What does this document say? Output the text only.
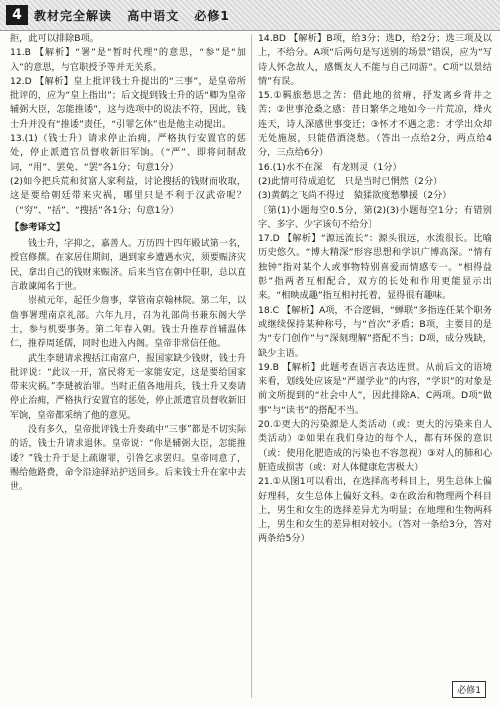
4	教材完全解读 高中语文 必修1

拒，此可以排除B项。

11.B 【解析】“署”是“暂时代理”的意思，“参”是“加入”的意思，与官职授予等并无关系。

12.D 【解析】皇上批评钱士升提出的“三事”，是皇帝所批评的，应为“皇上指出”；后文提到钱士升的话“卿为皇帝辅弼大臣，怎能推诿”，这与选项中的说法不符，因此，钱士升并没有“推诿”责任，“引罪乞休”也是他主动提出。

13.(1)（钱士升）请求停止治痈，严格执行安置官的惩处，停止派遣官员督收新旧军饷。（“严”、即将问制敌词，“用”、罢免、“罢”各1分；句意1分）

(2)如今把兵荒和贫富人家利益，讨论搜括的钱财而收取，这是要给朝廷带来灾祸，哪里只是不利于汉武帝呢？（“穷”、“括”、“搜括”各1分；句意1分）

【参考译文】

钱士升，字抑之，嘉善人。万历四十四年殿试第一名，授官修撰。在家居住期间，遇到家乡遭遇水灾，须要赈济灾民，拿出自己的钱财来赈济。后来当官在朝中任职，总以直言敢谏闻名于世。

崇祯元年，起任少詹事，掌管南京翰林院。第二年，以詹事署理南京礼部。六年九月，召为礼部尚书兼东阁大学士，参与机要事务。第二年春入朝。钱士升推荐首辅温体仁，推荐周延儒，同时也进入内阁。皇帝非常信任他。

武生李琎请求搜括江南富户，报国家缺少钱财，钱士升批评说：“此议一开，富民将无一家能安定，这是要给国家带来灾祸。”李琎被治罪。当时正值各地用兵，钱士升又奏请停止治痈，严格执行安置官的惩处，停止派遣官员督收新旧军饷，皇帝都采纳了他的意见。

没有多久，皇帝批评钱士升奏疏中“三事”都是不切实际的话，钱士升请求退休。皇帝说：“你是辅弼大臣，怎能推诿？”钱士升于是上疏谢罪，引咎乞求罢归。皇帝同意了，赐给他路费，命令沿途驿站护送回乡。后来钱士升在家中去世。

14.BD 【解析】B项，给3分；选D，给2分；选三项及以上，不给分。A项“后两句是写送别的场景”错误，应为“写诗人怀念故人，感慨友人不能与自己同游”。C项“以景结情”有误。

15.①羁旅愁思之苦：借此地的贫瘠，抒发离乡背井之苦；②世事沧桑之感：昔日繁华之地如今一片荒凉，烽火连天，诗人深感世事变迁；③怀才不遇之悲：才学出众却无处施展，只能借酒浇愁。（答出一点给2分，两点给4分，三点给6分）

16.(1)水不在深　有龙则灵（1分）

(2)此情可待成追忆　只是当时已惘然（2分）

(3)黄鹤之飞尚不得过　猿猱欲度愁攀援（2分）

〔第(1)小题每空0.5分，第(2)(3)小题每空1分；有错别字、多字、少字该句不给分〕

17.D 【解析】“源远流长”：源头很远，水流很长。比喻历史悠久。“博大精深”形容思想和学识广博高深。“情有独钟”指对某个人或事物特别喜爱而情感专一。“相得益彰”指两者互相配合，双方的长处和作用更能显示出来。“相映成趣”指互相衬托着，显得很有趣味。

18.C 【解析】A项，不合逻辑，“蝉联”多指连任某个职务或继续保持某种称号，与“首次”矛盾；B项，主要目的是为“专门创作”与“深刻理解”搭配不当；D项，成分残缺，缺少主语。

19.B 【解析】此题考查语言表达连贯。从前后文的语境来看，划线处应该是“严谨学业”的内容，“学识”的对象是前文所提到的“社会中人”，因此排除A、C两项。D项“做事”与“读书”的搭配不当。

20.①更大的污染源是人类活动（或：更大的污染来自人类活动）②如果在我们身边的每个人，都有环保的意识（或：使用化肥造成的污染也不容忽视）③对人的肺和心脏造成损害（或：对人体健康危害极大）

21.①从图1可以看出，在选择高考科目上，男生总体上偏好理科，女生总体上偏好文科。②在政治和物理两个科目上，男生和女生的选择差异尤为明显；在地理和生物两科上，男生和女生的差异相对较小。（答对一条给3分，答对两条给5分）

必修1
